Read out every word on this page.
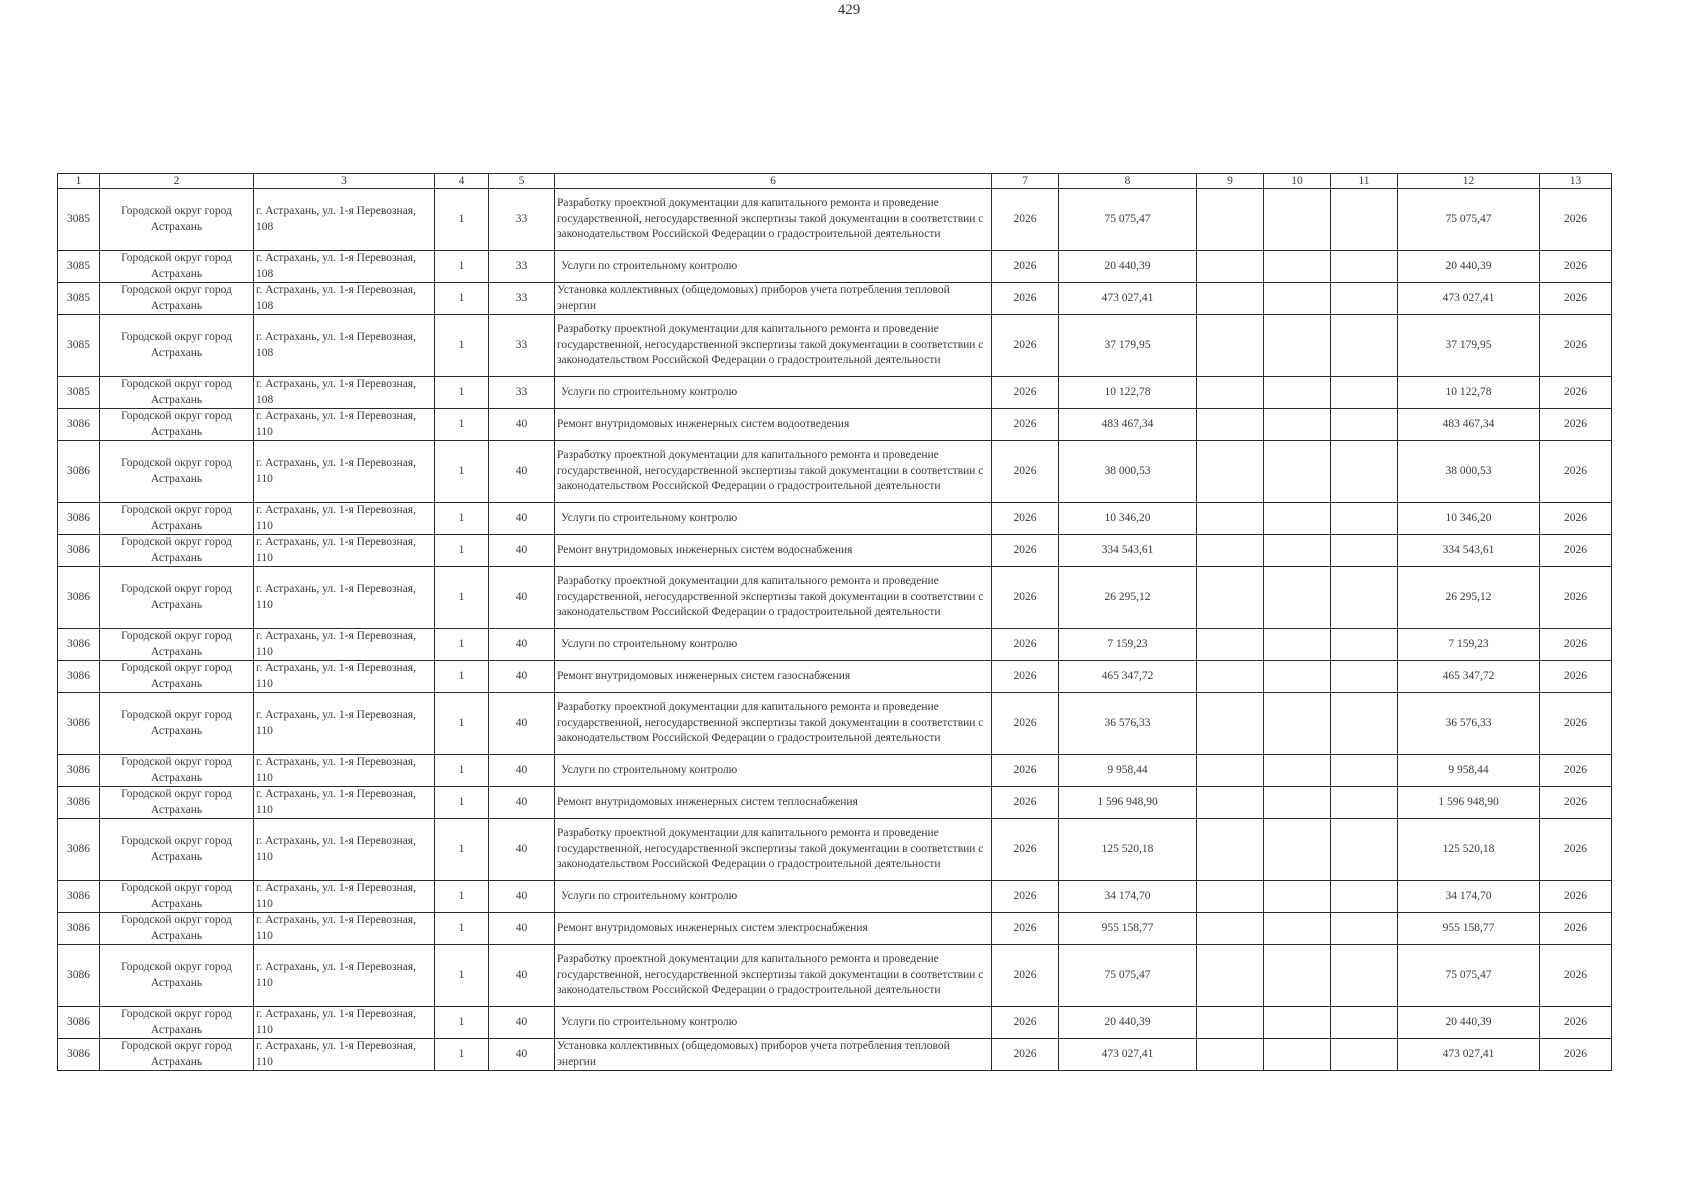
429
1	2	3	4	5	6	7	8	9	10	11	12	13
3085	Городской округ город Астрахань	г. Астрахань, ул. 1-я Перевозная, 108	1	33	Разработку проектной документации для капитального ремонта и проведение государственной, негосударственной экспертизы такой документации в соответствии с законодательством Российской Федерации о градостроительной деятельности	2026	75 075,47				75 075,47	2026
3085	Городской округ город Астрахань	г. Астрахань, ул. 1-я Перевозная, 108	1	33	Услуги по строительному контролю	2026	20 440,39				20 440,39	2026
3085	Городской округ город Астрахань	г. Астрахань, ул. 1-я Перевозная, 108	1	33	Установка коллективных (общедомовых) приборов учета потребления тепловой энергии	2026	473 027,41				473 027,41	2026
3085	Городской округ город Астрахань	г. Астрахань, ул. 1-я Перевозная, 108	1	33	Разработку проектной документации для капитального ремонта и проведение государственной, негосударственной экспертизы такой документации в соответствии с законодательством Российской Федерации о градостроительной деятельности	2026	37 179,95				37 179,95	2026
3085	Городской округ город Астрахань	г. Астрахань, ул. 1-я Перевозная, 108	1	33	Услуги по строительному контролю	2026	10 122,78				10 122,78	2026
3086	Городской округ город Астрахань	г. Астрахань, ул. 1-я Перевозная, 110	1	40	Ремонт внутридомовых инженерных систем водоотведения	2026	483 467,34				483 467,34	2026
3086	Городской округ город Астрахань	г. Астрахань, ул. 1-я Перевозная, 110	1	40	Разработку проектной документации для капитального ремонта и проведение государственной, негосударственной экспертизы такой документации в соответствии с законодательством Российской Федерации о градостроительной деятельности	2026	38 000,53				38 000,53	2026
3086	Городской округ город Астрахань	г. Астрахань, ул. 1-я Перевозная, 110	1	40	Услуги по строительному контролю	2026	10 346,20				10 346,20	2026
3086	Городской округ город Астрахань	г. Астрахань, ул. 1-я Перевозная, 110	1	40	Ремонт внутридомовых инженерных систем водоснабжения	2026	334 543,61				334 543,61	2026
3086	Городской округ город Астрахань	г. Астрахань, ул. 1-я Перевозная, 110	1	40	Разработку проектной документации для капитального ремонта и проведение государственной, негосударственной экспертизы такой документации в соответствии с законодательством Российской Федерации о градостроительной деятельности	2026	26 295,12				26 295,12	2026
3086	Городской округ город Астрахань	г. Астрахань, ул. 1-я Перевозная, 110	1	40	Услуги по строительному контролю	2026	7 159,23				7 159,23	2026
3086	Городской округ город Астрахань	г. Астрахань, ул. 1-я Перевозная, 110	1	40	Ремонт внутридомовых инженерных систем газоснабжения	2026	465 347,72				465 347,72	2026
3086	Городской округ город Астрахань	г. Астрахань, ул. 1-я Перевозная, 110	1	40	Разработку проектной документации для капитального ремонта и проведение государственной, негосударственной экспертизы такой документации в соответствии с законодательством Российской Федерации о градостроительной деятельности	2026	36 576,33				36 576,33	2026
3086	Городской округ город Астрахань	г. Астрахань, ул. 1-я Перевозная, 110	1	40	Услуги по строительному контролю	2026	9 958,44				9 958,44	2026
3086	Городской округ город Астрахань	г. Астрахань, ул. 1-я Перевозная, 110	1	40	Ремонт внутридомовых инженерных систем теплоснабжения	2026	1 596 948,90				1 596 948,90	2026
3086	Городской округ город Астрахань	г. Астрахань, ул. 1-я Перевозная, 110	1	40	Разработку проектной документации для капитального ремонта и проведение государственной, негосударственной экспертизы такой документации в соответствии с законодательством Российской Федерации о градостроительной деятельности	2026	125 520,18				125 520,18	2026
3086	Городской округ город Астрахань	г. Астрахань, ул. 1-я Перевозная, 110	1	40	Услуги по строительному контролю	2026	34 174,70				34 174,70	2026
3086	Городской округ город Астрахань	г. Астрахань, ул. 1-я Перевозная, 110	1	40	Ремонт внутридомовых инженерных систем электроснабжения	2026	955 158,77				955 158,77	2026
3086	Городской округ город Астрахань	г. Астрахань, ул. 1-я Перевозная, 110	1	40	Разработку проектной документации для капитального ремонта и проведение государственной, негосударственной экспертизы такой документации в соответствии с законодательством Российской Федерации о градостроительной деятельности	2026	75 075,47				75 075,47	2026
3086	Городской округ город Астрахань	г. Астрахань, ул. 1-я Перевозная, 110	1	40	Услуги по строительному контролю	2026	20 440,39				20 440,39	2026
3086	Городской округ город Астрахань	г. Астрахань, ул. 1-я Перевозная, 110	1	40	Установка коллективных (общедомовых) приборов учета потребления тепловой энергии	2026	473 027,41				473 027,41	2026
